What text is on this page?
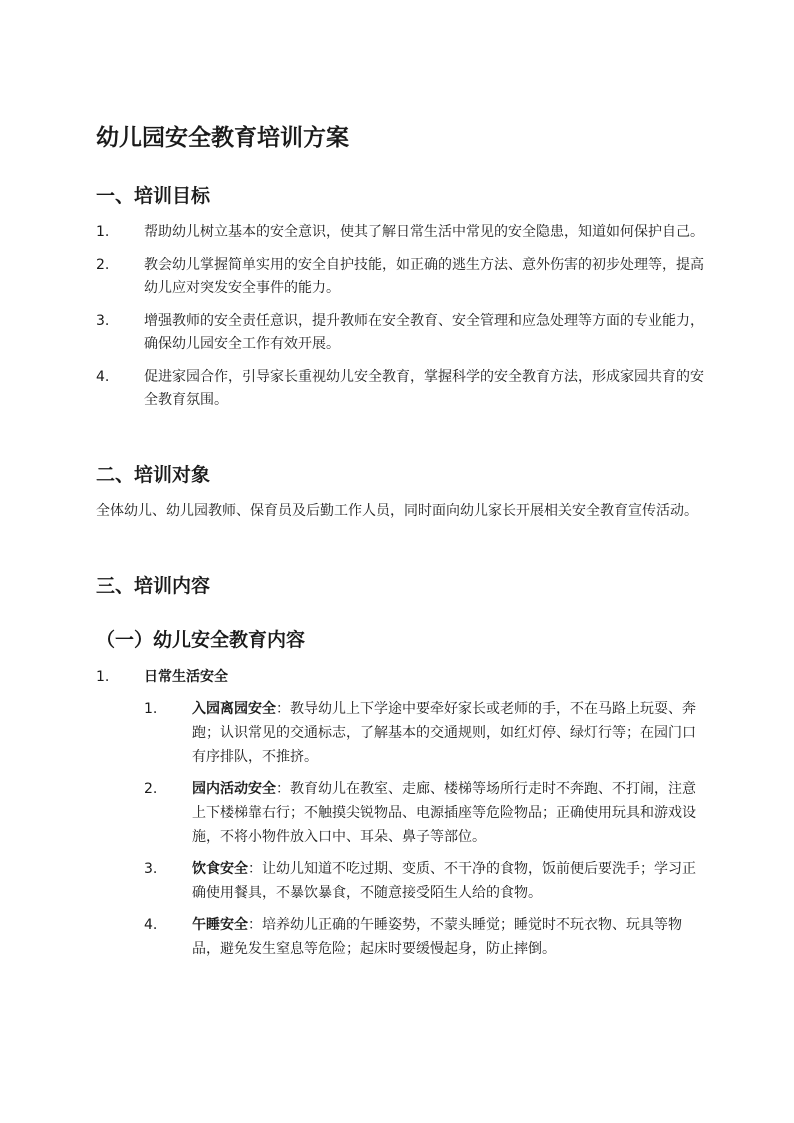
幼儿园安全教育培训方案
一、培训目标
1. 帮助幼儿树立基本的安全意识，使其了解日常生活中常见的安全隐患，知道如何保护自己。
2. 教会幼儿掌握简单实用的安全自护技能，如正确的逃生方法、意外伤害的初步处理等，提高幼儿应对突发安全事件的能力。
3. 增强教师的安全责任意识，提升教师在安全教育、安全管理和应急处理等方面的专业能力，确保幼儿园安全工作有效开展。
4. 促进家园合作，引导家长重视幼儿安全教育，掌握科学的安全教育方法，形成家园共育的安全教育氛围。
二、培训对象

全体幼儿、幼儿园教师、保育员及后勤工作人员，同时面向幼儿家长开展相关安全教育宣传活动。

三、培训内容
（一）幼儿安全教育内容
1. 日常生活安全
1. 入园离园安全：教导幼儿上下学途中要牵好家长或老师的手，不在马路上玩耍、奔跑；认识常见的交通标志，了解基本的交通规则，如红灯停、绿灯行等；在园门口有序排队，不推挤。
2. 园内活动安全：教育幼儿在教室、走廊、楼梯等场所行走时不奔跑、不打闹，注意上下楼梯靠右行；不触摸尖锐物品、电源插座等危险物品；正确使用玩具和游戏设施，不将小物件放入口中、耳朵、鼻子等部位。
3. 饮食安全：让幼儿知道不吃过期、变质、不干净的食物，饭前便后要洗手；学习正确使用餐具，不暴饮暴食，不随意接受陌生人给的食物。
4. 午睡安全：培养幼儿正确的午睡姿势，不蒙头睡觉；睡觉时不玩衣物、玩具等物品，避免发生窒息等危险；起床时要缓慢起身，防止摔倒。
